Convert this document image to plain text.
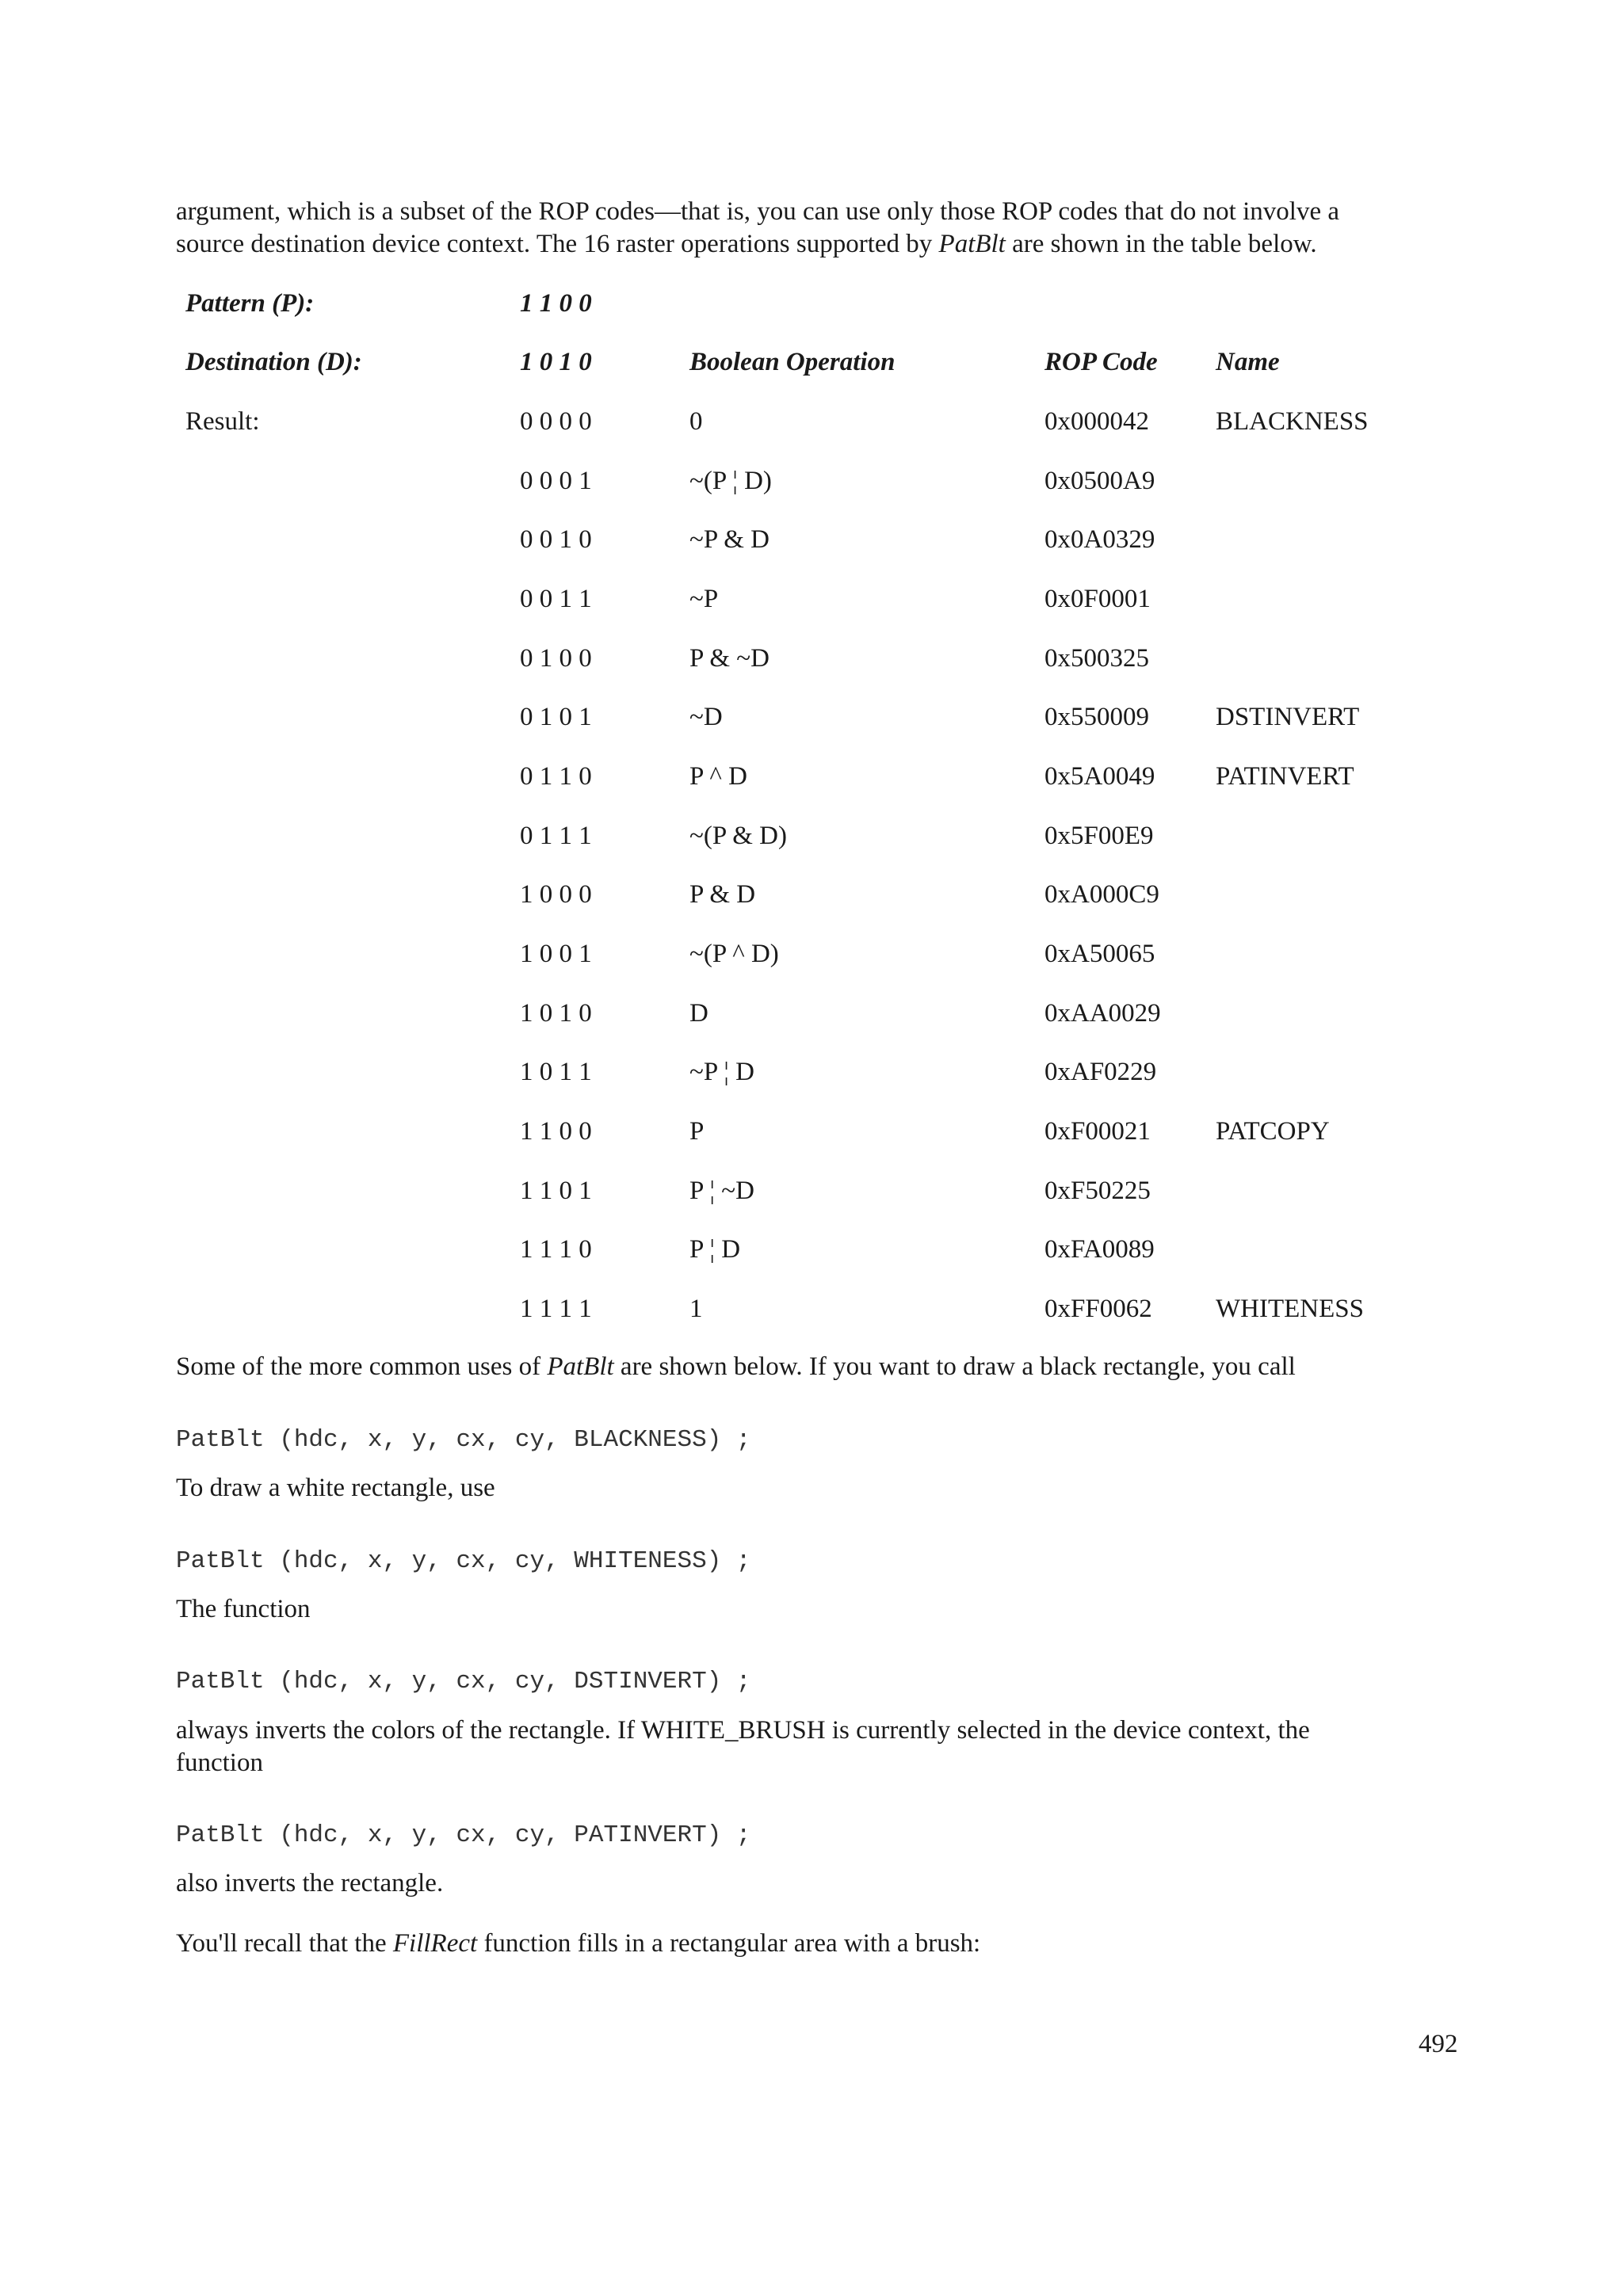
argument, which is a subset of the ROP codes—that is, you can use only those ROP codes that do not involve a
source destination device context. The 16 raster operations supported by PatBlt are shown in the table below.

Pattern (P):	1 1 0 0
Destination (D):	1 0 1 0	Boolean Operation	ROP Code Name
Result:	0 0 0 0	0	0x000042	BLACKNESS
0 0 0 1	~(P ¦ D)	0x0500A9
0 0 1 0	~P & D	0x0A0329
0 0 1 1	~P	0x0F0001
0 1 0 0	P & ~D	0x500325
0 1 0 1	~D	0x550009	DSTINVERT
0 1 1 0	P ^ D	0x5A0049 PATINVERT
0 1 1 1	~(P & D)	0x5F00E9
1 0 0 0	P & D	0xA000C9
1 0 0 1	~(P ^ D)	0xA50065
1 0 1 0	D	0xAA0029
1 0 1 1	~P ¦ D	0xAF0229
1 1 0 0	P	0xF00021 PATCOPY
1 1 0 1	P ¦ ~D	0xF50225
1 1 1 0	P ¦ D	0xFA0089
1 1 1 1	1	0xFF0062 WHITENESS

Some of the more common uses of PatBlt are shown below. If you want to draw a black rectangle, you call

PatBlt (hdc, x, y, cx, cy, BLACKNESS) ;

To draw a white rectangle, use

PatBlt (hdc, x, y, cx, cy, WHITENESS) ;

The function

PatBlt (hdc, x, y, cx, cy, DSTINVERT) ;

always inverts the colors of the rectangle. If WHITE_BRUSH is currently selected in the device context, the
function

PatBlt (hdc, x, y, cx, cy, PATINVERT) ;

also inverts the rectangle.

You'll recall that the FillRect function fills in a rectangular area with a brush:

492
